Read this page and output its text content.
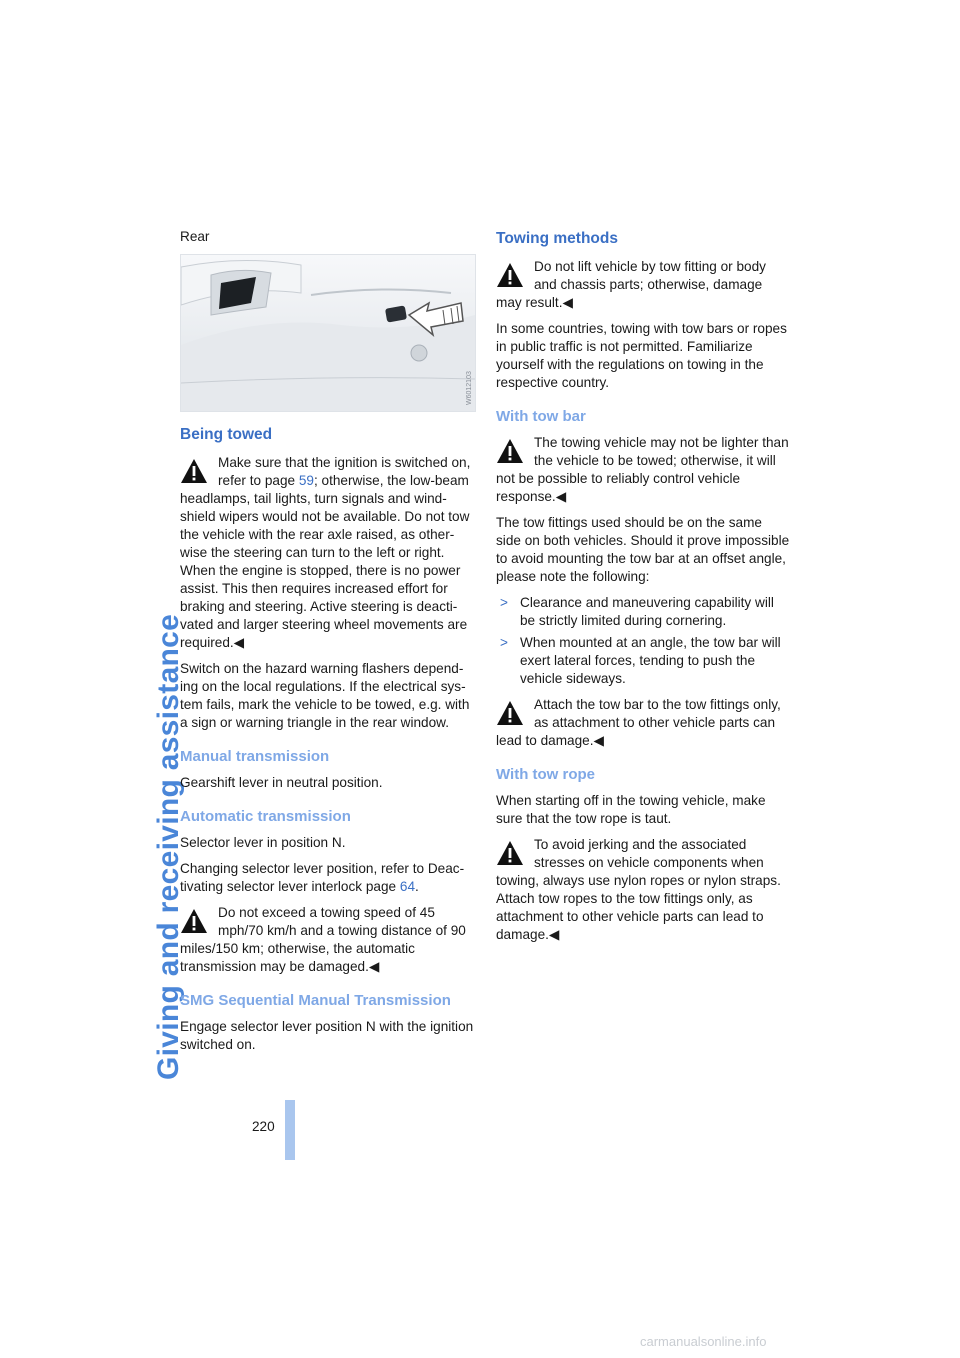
Giving and receiving assistance

Rear

W6012103
Being towed
Make sure that the ignition is switched on, refer to page 59; otherwise, the low-beam headlamps, tail lights, turn signals and windshield wipers would not be available. Do not tow the vehicle with the rear axle raised, as otherwise the steering can turn to the left or right. When the engine is stopped, there is no power assist. This then requires increased effort for braking and steering. Active steering is deactivated and larger steering wheel movements are required.◀

Switch on the hazard warning flashers depending on the local regulations. If the electrical system fails, mark the vehicle to be towed, e.g. with a sign or warning triangle in the rear window.

Manual transmission

Gearshift lever in neutral position.

Automatic transmission

Selector lever in position N.

Changing selector lever position, refer to Deactivating selector lever interlock page 64.

Do not exceed a towing speed of 45 mph/70 km/h and a towing distance of 90 miles/150 km; otherwise, the automatic transmission may be damaged.◀
SMG Sequential Manual Transmission

Engage selector lever position N with the ignition switched on.

Towing methods
Do not lift vehicle by tow fitting or body and chassis parts; otherwise, damage may result.◀

In some countries, towing with tow bars or ropes in public traffic is not permitted. Familiarize yourself with the regulations on towing in the respective country.

With tow bar
The towing vehicle may not be lighter than the vehicle to be towed; otherwise, it will not be possible to reliably control vehicle response.◀

The tow fittings used should be on the same side on both vehicles. Should it prove impossible to avoid mounting the tow bar at an offset angle, please note the following:

> Clearance and maneuvering capability will be strictly limited during cornering.
> When mounted at an angle, the tow bar will exert lateral forces, tending to push the vehicle sideways.
Attach the tow bar to the tow fittings only, as attachment to other vehicle parts can lead to damage.◀
With tow rope

When starting off in the towing vehicle, make sure that the tow rope is taut.

To avoid jerking and the associated stresses on vehicle components when towing, always use nylon ropes or nylon straps. Attach tow ropes to the tow fittings only, as attachment to other vehicle parts can lead to damage.◀
220
carmanualsonline.info
